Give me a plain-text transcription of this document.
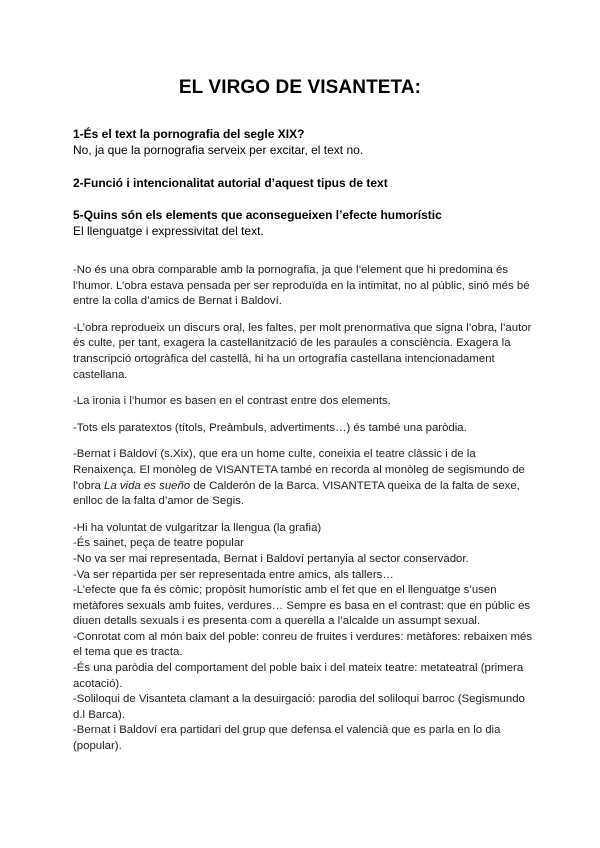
EL VIRGO DE VISANTETA:
1-És el text la pornografia del segle XIX?
No, ja que la pornografia serveix per excitar, el text no.
2-Funció i intencionalitat autorial d’aquest tipus de text
5-Quins són els elements que aconsegueixen l’efecte humorístic
El llenguatge i expressivitat del text.

-No és una obra comparable amb la pornografia, ja que l’element que hi predomina és l’humor. L’obra estava pensada per ser reproduïda en la intimitat, no al públic, sinó més bé entre la colla d’amics de Bernat i Baldoví.

-L’obra reprodueix un discurs oral, les faltes, per molt prenormativa que signa l’obra, l’autor és culte, per tant, exagera la castellanització de les paraules a consciència. Exagera la transcripció ortogràfica del castellà, hi ha un ortografía castellana intencionadament castellana.

-La ironia i l’humor es basen en el contrast entre dos elements.

-Tots els paratextos (títols, Preàmbuls, advertiments…) és també una paròdia.

-Bernat i Baldoví (s.Xix), que era un home culte, coneixia el teatre clàssic i de la Renaixença. El monòleg de VISANTETA també en recorda al monòleg de segismundo de l’obra La vida es sueño de Calderón de la Barca. VISANTETA queixa de la falta de sexe, enlloc de la falta d’amor de Segis.

-Hi ha voluntat de vulgaritzar la llengua (la grafia)
-És sainet, peça de teatre popular
-No va ser mai representada, Bernat i Baldoví pertanyia al sector conservador.
-Va ser repartida per ser representada entre amics, als tallers…
-L’efecte que fa és còmic; propòsit humorístic amb el fet que en el llenguatge s’usen metàfores sexuals amb fuites, verdures… Sempre es basa en el contrast: que en públic es diuen detalls sexuals i es presenta com a querella a l’alcalde un assumpt sexual.
-Conrotat com al món baix del poble: conreu de fruites i verdures: metàfores: rebaixen més el tema que es tracta.
-És una paròdia del comportament del poble baix i del mateix teatre: metateatral (primera acotació).
-Soliloqui de Visanteta clamant a la desuirgació: parodia del soliloqui barroc (Segismundo d.l Barca).
-Bernat i Baldoví era partidari del grup que defensa el valencià que es parla en lo dia (popular).
